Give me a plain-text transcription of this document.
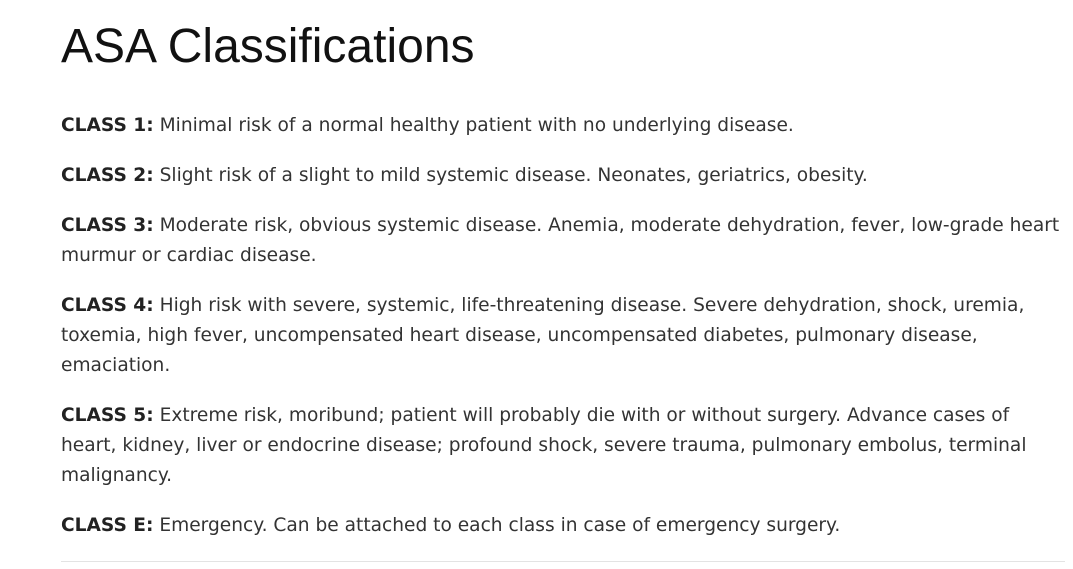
ASA Classifications

CLASS 1: Minimal risk of a normal healthy patient with no underlying disease.

CLASS 2: Slight risk of a slight to mild systemic disease. Neonates, geriatrics, obesity.

CLASS 3: Moderate risk, obvious systemic disease. Anemia, moderate dehydration, fever, low-grade heart murmur or cardiac disease.

CLASS 4: High risk with severe, systemic, life-threatening disease. Severe dehydration, shock, uremia, toxemia, high fever, uncompensated heart disease, uncompensated diabetes, pulmonary disease, emaciation.

CLASS 5: Extreme risk, moribund; patient will probably die with or without surgery. Advance cases of heart, kidney, liver or endocrine disease; profound shock, severe trauma, pulmonary embolus, terminal malignancy.

CLASS E: Emergency. Can be attached to each class in case of emergency surgery.
